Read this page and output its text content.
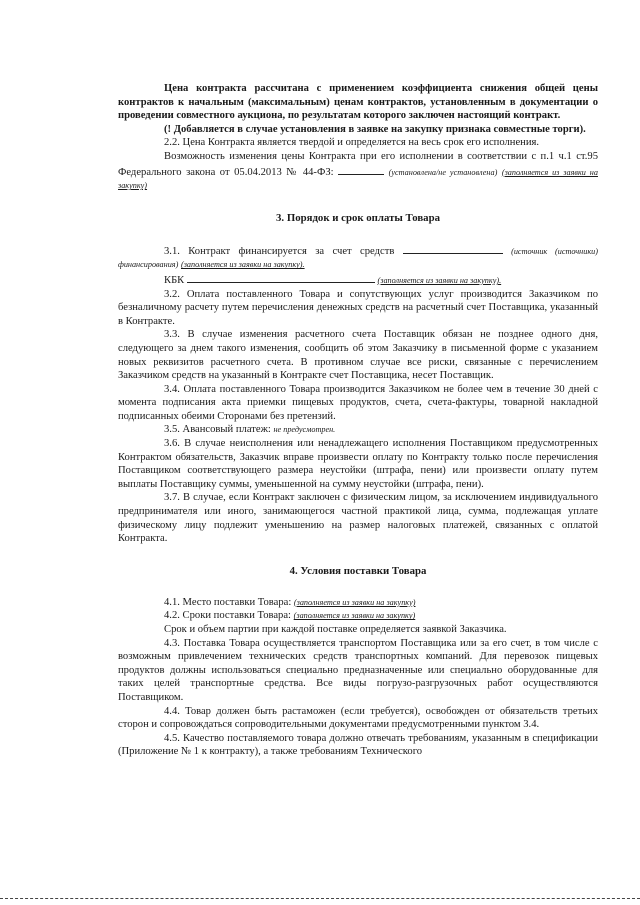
Цена контракта рассчитана с применением коэффициента снижения общей цены контрактов к начальным (максимальным) ценам контрактов, установленным в документации о проведении совместного аукциона, по результатам которого заключен настоящий контракт.

(! Добавляется в случае установления в заявке на закупку признака совместные торги).

2.2. Цена Контракта является твердой и определяется на весь срок его исполнения.

Возможность изменения цены Контракта при его исполнении в соответствии с п.1 ч.1 ст.95 Федерального закона от 05.04.2013 № 44-ФЗ:	(установлена/не установлена) (заполняется из заявки на закупку)

3. Порядок и срок оплаты Товара

3.1. Контракт финансируется за счет средств	(источник (источники) финансирования) (заполняется из заявки на закупку).

КБК	(заполняется из заявки на закупку).

3.2. Оплата поставленного Товара и сопутствующих услуг производится Заказчиком по безналичному расчету путем перечисления денежных средств на расчетный счет Поставщика, указанный в Контракте.

3.3. В случае изменения расчетного счета Поставщик обязан не позднее одного дня, следующего за днем такого изменения, сообщить об этом Заказчику в письменной форме с указанием новых реквизитов расчетного счета. В противном случае все риски, связанные с перечислением Заказчиком средств на указанный в Контракте счет Поставщика, несет Поставщик.

3.4. Оплата поставленного Товара производится Заказчиком не более чем в течение 30 дней с момента подписания акта приемки пищевых продуктов, счета, счета-фактуры, товарной накладной подписанных обеими Сторонами без претензий.

3.5. Авансовый платеж: не предусмотрен.

3.6. В случае неисполнения или ненадлежащего исполнения Поставщиком предусмотренных Контрактом обязательств, Заказчик вправе произвести оплату по Контракту только после перечисления Поставщиком соответствующего размера неустойки (штрафа, пени) или произвести оплату путем выплаты Поставщику суммы, уменьшенной на сумму неустойки (штрафа, пени).

3.7. В случае, если Контракт заключен с физическим лицом, за исключением индивидуального предпринимателя или иного, занимающегося частной практикой лица, сумма, подлежащая уплате физическому лицу подлежит уменьшению на размер налоговых платежей, связанных с оплатой Контракта.

4. Условия поставки Товара

4.1. Место поставки Товара: (заполняется из заявки на закупку)

4.2. Сроки поставки Товара: (заполняется из заявки на закупку)

Срок и объем партии при каждой поставке определяется заявкой Заказчика.

4.3. Поставка Товара осуществляется транспортом Поставщика или за его счет, в том числе с возможным привлечением технических средств транспортных компаний. Для перевозок пищевых продуктов должны использоваться специально предназначенные или специально оборудованные для таких целей транспортные средства. Все виды погрузо-разгрузочных работ осуществляются Поставщиком.

4.4. Товар должен быть растаможен (если требуется), освобожден от обязательств третьих сторон и сопровождаться сопроводительными документами предусмотренными пунктом 3.4.

4.5. Качество поставляемого товара должно отвечать требованиям, указанным в спецификации (Приложение № 1 к контракту), а также требованиям Технического
